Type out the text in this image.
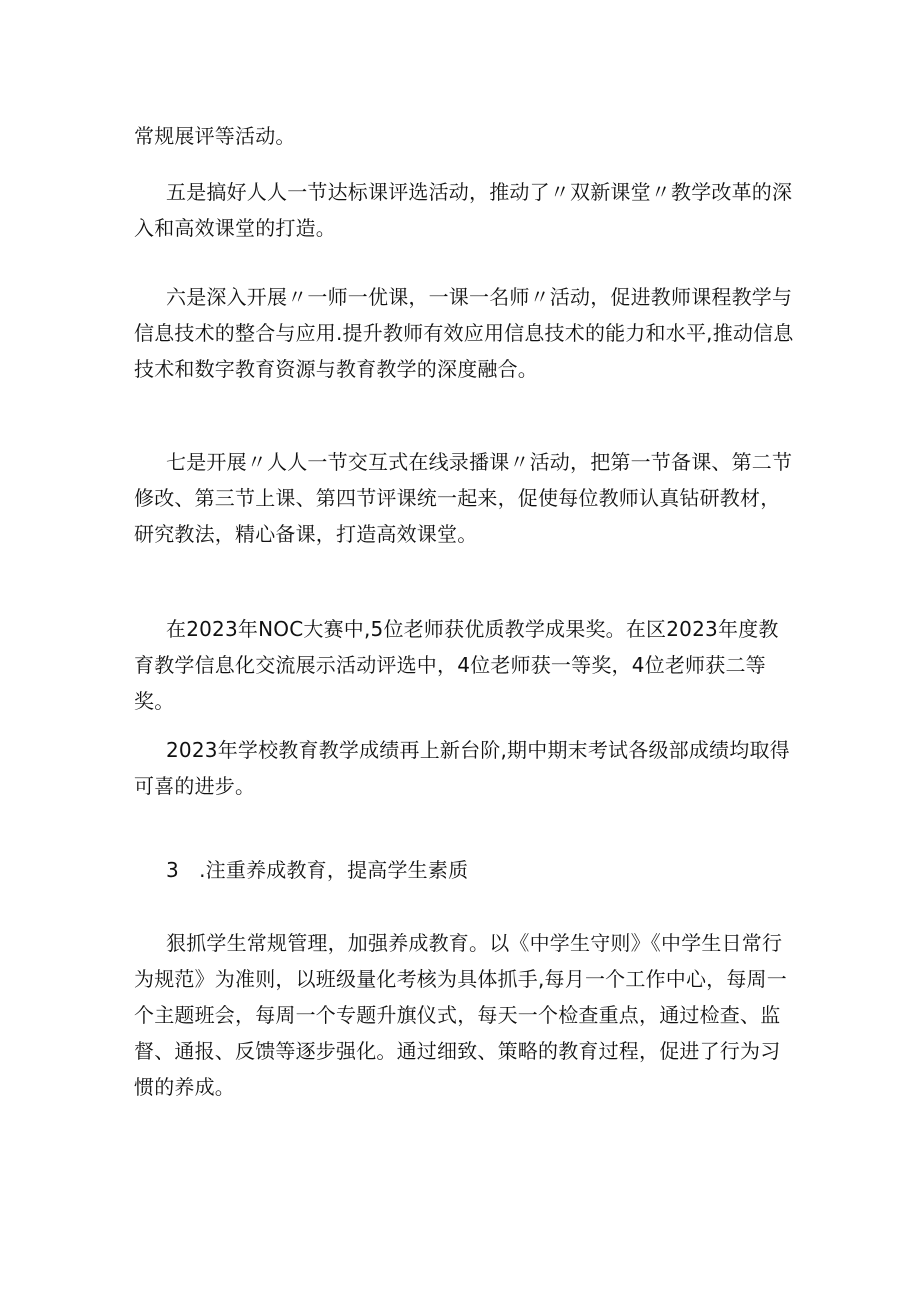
常规展评等活动。

五是搞好人人一节达标课评选活动，推动了〃双新课堂〃教学改革的深入和高效课堂的打造。

六是深入开展〃一师一优课，一课一名师〃活动，促进教师课程教学与信息技术的整合与应用.提升教师有效应用信息技术的能力和水平,推动信息技术和数字教育资源与教育教学的深度融合。

七是开展〃人人一节交互式在线录播课〃活动，把第一节备课、第二节修改、第三节上课、第四节评课统一起来，促使每位教师认真钻研教材，研究教法，精心备课，打造高效课堂。

在2023年NOC大赛中,5位老师获优质教学成果奖。在区2023年度教育教学信息化交流展示活动评选中，4位老师获一等奖，4位老师获二等奖。

2023年学校教育教学成绩再上新台阶,期中期末考试各级部成绩均取得可喜的进步。

3　.注重养成教育，提高学生素质

狠抓学生常规管理，加强养成教育。以《中学生守则》《中学生日常行为规范》为准则，以班级量化考核为具体抓手,每月一个工作中心，每周一个主题班会，每周一个专题升旗仪式，每天一个检查重点，通过检查、监督、通报、反馈等逐步强化。通过细致、策略的教育过程，促进了行为习惯的养成。
